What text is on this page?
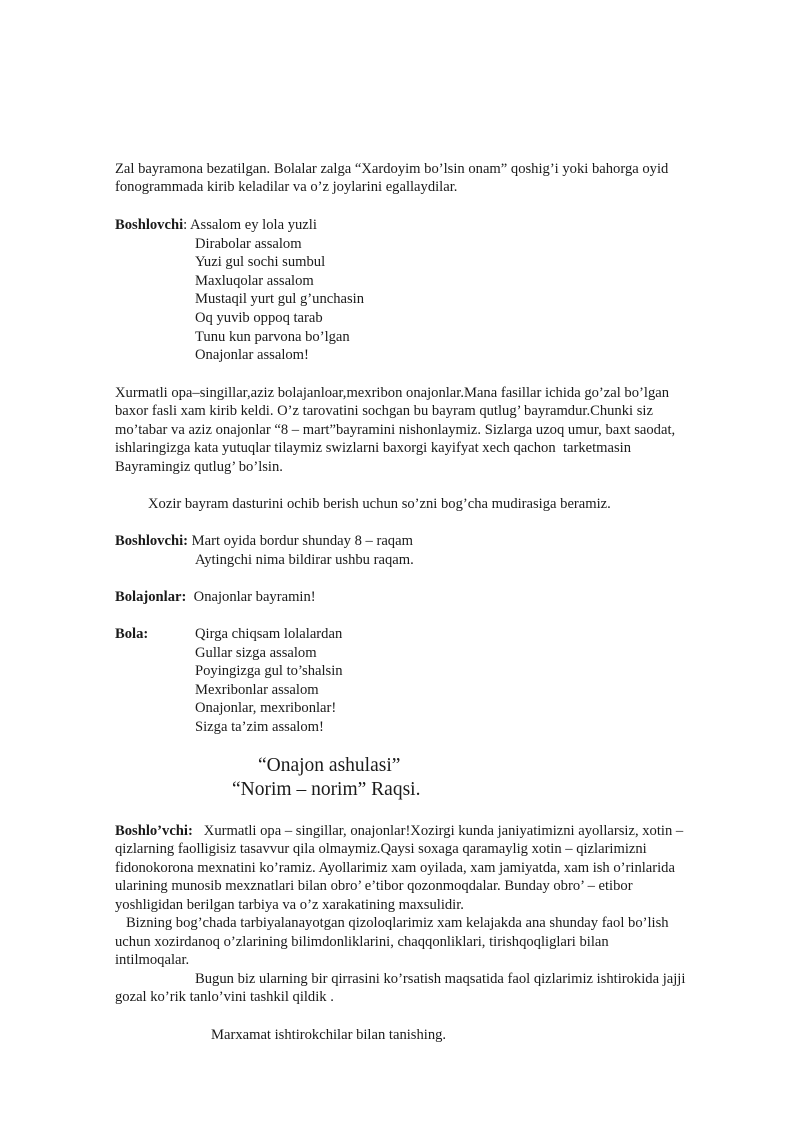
Zal bayramona bezatilgan. Bolalar zalga “Xardoyim bo’lsin onam” qoshig’i yoki bahorga oyid
fonogrammada kirib keladilar va o’z joylarini egallaydilar.
Boshlovchi: Assalom ey lola yuzli
Dirabolar assalom
Yuzi gul sochi sumbul
Maxluqolar assalom
Mustaqil yurt gul g’unchasin
Oq yuvib oppoq tarab
Tunu kun parvona bo’lgan
Onajonlar assalom!
Xurmatli opa–singillar,aziz bolajanloar,mexribon onajonlar.Mana fasillar ichida go’zal bo’lgan
baxor fasli xam kirib keldi. O’z tarovatini sochgan bu bayram qutlug’ bayramdur.Chunki siz
mo’tabar va aziz onajonlar “8 – mart”bayramini nishonlaymiz. Sizlarga uzoq umur, baxt saodat,
ishlaringizga kata yutuqlar tilaymiz swizlarni baxorgi kayifyat xech qachon  tarketmasin
Bayramingiz qutlug’ bo’lsin.
Xozir bayram dasturini ochib berish uchun so’zni bog’cha mudirasiga beramiz.
Boshlovchi: Mart oyida bordur shunday 8 – raqam
Aytingchi nima bildirar ushbu raqam.
Bolajonlar:  Onajonlar bayramin!
Bola:	Qirga chiqsam lolalardan
Gullar sizga assalom
Poyingizga gul to’shalsin
Mexribonlar assalom
Onajonlar, mexribonlar!
Sizga ta’zim assalom!
“Onajon ashulasi”
“Norim – norim” Raqsi.
Boshlo’vchi:   Xurmatli opa – singillar, onajonlar!Xozirgi kunda janiyatimizni ayollarsiz, xotin –
qizlarning faolligisiz tasavvur qila olmaymiz.Qaysi soxaga qaramaylig xotin – qizlarimizni
fidonokorona mexnatini ko’ramiz. Ayollarimiz xam oyilada, xam jamiyatda, xam ish o’rinlarida
ularining munosib mexznatlari bilan obro’ e’tibor qozonmoqdalar. Bunday obro’ – etibor
yoshligidan berilgan tarbiya va o’z xarakatining maxsulidir.
Bizning bog’chada tarbiyalanayotgan qizoloqlarimiz xam kelajakda ana shunday faol bo’lish
uchun xozirdanoq o’zlarining bilimdonliklarini, chaqqonliklari, tirishqoqliglari bilan
intilmoqalar.
Bugun biz ularning bir qirrasini ko’rsatish maqsatida faol qizlarimiz ishtirokida jajji
gozal ko’rik tanlo’vini tashkil qildik .
Marxamat ishtirokchilar bilan tanishing.
